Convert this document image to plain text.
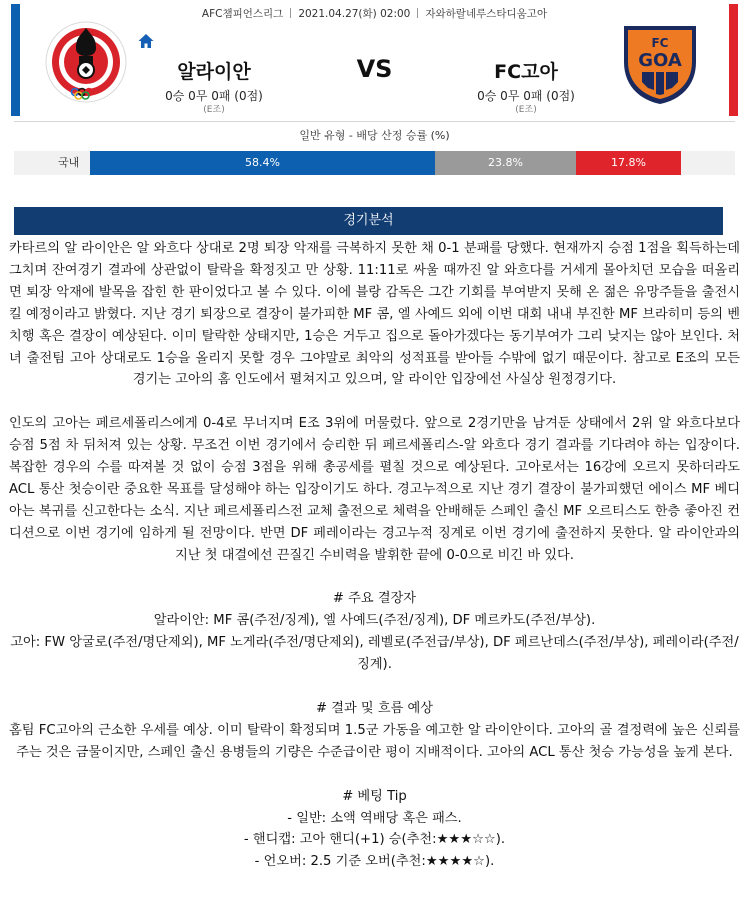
AFC챔피언스리그 2021.04.27(화) 02:00 자와하랄네루스타디움고아
FC
GOA
알라이안	VS	FC고아
0승 0무 0패 (0점)
(E조)
0승 0무 0패 (0점)
(E조)
일반 유형 - 배당 산정 승률 (%)
국내	58.4%	23.8%	17.8%
경기분석

카타르의 알 라이안은 알 와흐다 상대로 2명 퇴장 악재를 극복하지 못한 채 0-1 분패를 당했다. 현재까지 승점 1점을 획득하는데 그치며 잔여경기 결과에 상관없이 탈락을 확정짓고 만 상황. 11:11로 싸울 때까진 알 와흐다를 거세게 몰아치던 모습을 떠올리면 퇴장 악재에 발목을 잡힌 한 판이었다고 볼 수 있다. 이에 블랑 감독은 그간 기회를 부여받지 못해 온 젊은 유망주들을 출전시킬 예정이라고 밝혔다. 지난 경기 퇴장으로 결장이 불가피한 MF 콤, 엘 사예드 외에 이번 대회 내내 부진한 MF 브라히미 등의 벤치행 혹은 결장이 예상된다. 이미 탈락한 상태지만, 1승은 거두고 집으로 돌아가겠다는 동기부여가 그리 낮지는 않아 보인다. 처녀 출전팀 고아 상대로도 1승을 올리지 못할 경우 그야말로 최악의 성적표를 받아들 수밖에 없기 때문이다. 참고로 E조의 모든 경기는 고아의 홈 인도에서 펼쳐지고 있으며, 알 라이안 입장에선 사실상 원정경기다.

인도의 고아는 페르세폴리스에게 0-4로 무너지며 E조 3위에 머물렀다. 앞으로 2경기만을 남겨둔 상태에서 2위 알 와흐다보다 승점 5점 차 뒤처져 있는 상황. 무조건 이번 경기에서 승리한 뒤 페르세폴리스-알 와흐다 경기 결과를 기다려야 하는 입장이다. 복잡한 경우의 수를 따져볼 것 없이 승점 3점을 위해 총공세를 펼칠 것으로 예상된다. 고아로서는 16강에 오르지 못하더라도 ACL 통산 첫승이란 중요한 목표를 달성해야 하는 입장이기도 하다. 경고누적으로 지난 경기 결장이 불가피했던 에이스 MF 베디아는 복귀를 신고한다는 소식. 지난 페르세폴리스전 교체 출전으로 체력을 안배해둔 스페인 출신 MF 오르티스도 한층 좋아진 컨디션으로 이번 경기에 임하게 될 전망이다. 반면 DF 페레이라는 경고누적 징계로 이번 경기에 출전하지 못한다. 알 라이안과의 지난 첫 대결에선 끈질긴 수비력을 발휘한 끝에 0-0으로 비긴 바 있다.

# 주요 결장자

알라이안: MF 콤(주전/징계), 엘 사예드(주전/징계), DF 메르카도(주전/부상).

고아: FW 앙굴로(주전/명단제외), MF 노게라(주전/명단제외), 레벨로(주전급/부상), DF 페르난데스(주전/부상), 페레이라(주전/징계).

# 결과 및 흐름 예상

홈팀 FC고아의 근소한 우세를 예상. 이미 탈락이 확정되며 1.5군 가동을 예고한 알 라이안이다. 고아의 골 결정력에 높은 신뢰를 주는 것은 금물이지만, 스페인 출신 용병들의 기량은 수준급이란 평이 지배적이다. 고아의 ACL 통산 첫승 가능성을 높게 본다.

# 베팅 Tip

- 일반: 소액 역배당 혹은 패스.

- 핸디캡: 고아 핸디(+1) 승(추천:★★★☆☆).

- 언오버: 2.5 기준 오버(추천:★★★★☆).
